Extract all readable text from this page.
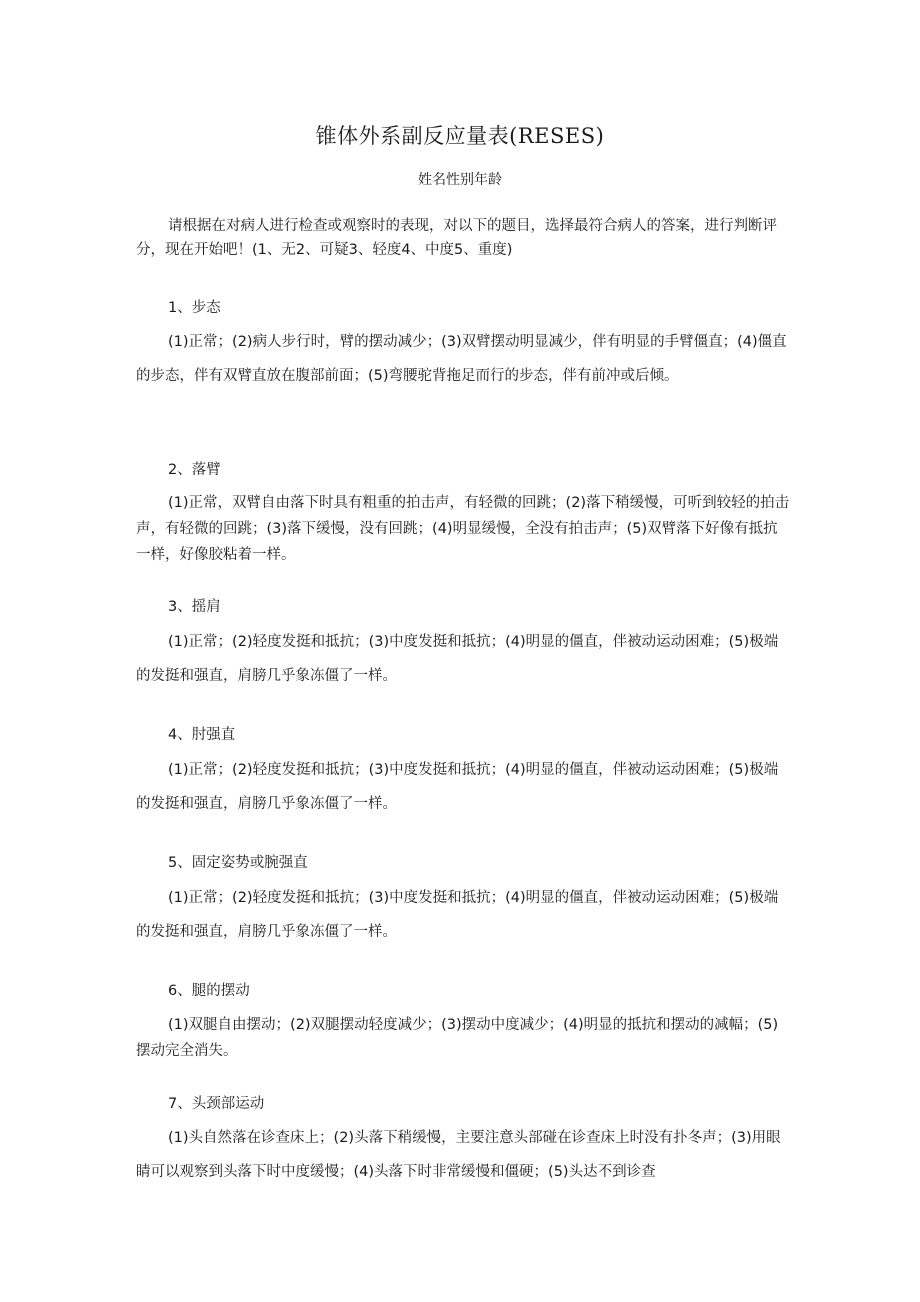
锥体外系副反应量表(RESES)
姓名性别年龄
请根据在对病人进行检查或观察时的表现，对以下的题目，选择最符合病人的答案，进行判断评分，现在开始吧！(1、无2、可疑3、轻度4、中度5、重度)
1、步态
(1)正常；(2)病人步行时，臂的摆动减少；(3)双臂摆动明显减少，伴有明显的手臂僵直；(4)僵直的步态，伴有双臂直放在腹部前面；(5)弯腰驼背拖足而行的步态，伴有前冲或后倾。
2、落臂
(1)正常，双臂自由落下时具有粗重的拍击声，有轻微的回跳；(2)落下稍缓慢，可听到较轻的拍击声，有轻微的回跳；(3)落下缓慢，没有回跳；(4)明显缓慢，全没有拍击声；(5)双臂落下好像有抵抗一样，好像胶粘着一样。
3、摇肩
(1)正常；(2)轻度发挺和抵抗；(3)中度发挺和抵抗；(4)明显的僵直，伴被动运动困难；(5)极端的发挺和强直，肩膀几乎象冻僵了一样。
4、肘强直
(1)正常；(2)轻度发挺和抵抗；(3)中度发挺和抵抗；(4)明显的僵直，伴被动运动困难；(5)极端的发挺和强直，肩膀几乎象冻僵了一样。
5、固定姿势或腕强直
(1)正常；(2)轻度发挺和抵抗；(3)中度发挺和抵抗；(4)明显的僵直，伴被动运动困难；(5)极端的发挺和强直，肩膀几乎象冻僵了一样。
6、腿的摆动
(1)双腿自由摆动；(2)双腿摆动轻度减少；(3)摆动中度减少；(4)明显的抵抗和摆动的减幅；(5)摆动完全消失。
7、头颈部运动
(1)头自然落在诊查床上；(2)头落下稍缓慢，主要注意头部碰在诊查床上时没有扑冬声；(3)用眼睛可以观察到头落下时中度缓慢；(4)头落下时非常缓慢和僵硬；(5)头达不到诊查
